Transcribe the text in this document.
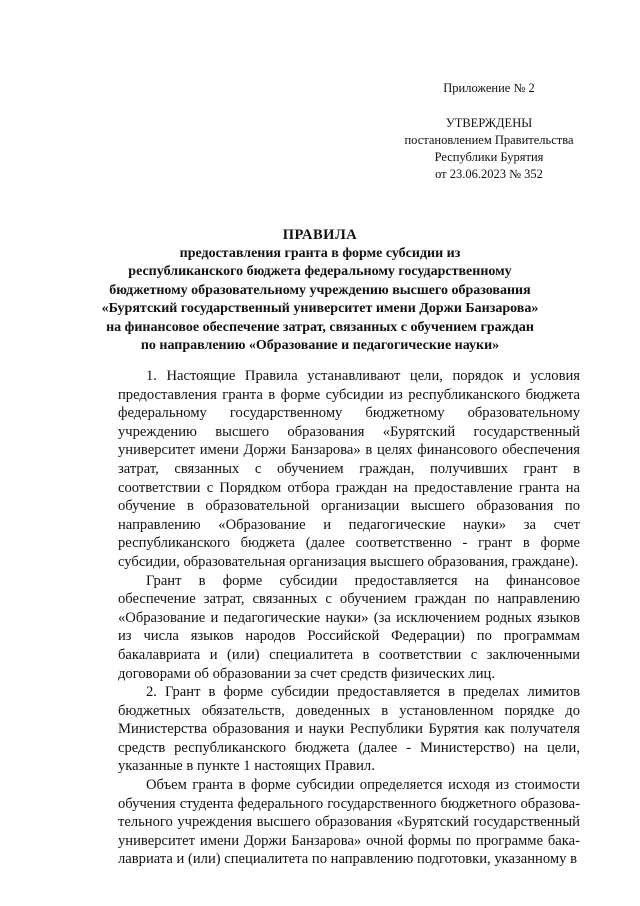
Приложение № 2
УТВЕРЖДЕНЫ
постановлением Правительства
Республики Бурятия
от 23.06.2023 № 352
ПРАВИЛА
предоставления гранта в форме субсидии из
республиканского бюджета федеральному государственному
бюджетному образовательному учреждению высшего образования
«Бурятский государственный университет имени Доржи Банзарова»
на финансовое обеспечение затрат, связанных с обучением граждан
по направлению «Образование и педагогические науки»

1. Настоящие Правила устанавливают цели, порядок и условия предоставления гранта в форме субсидии из республиканского бюджета федеральному государственному бюджетному образовательному учреждению высшего образования «Бурятский государственный университет имени Доржи Банзарова» в целях финансового обеспечения затрат, связанных с обучением граждан, получивших грант в соответствии с Порядком отбора граждан на предоставление гранта на обучение в образовательной организации высшего образования по направлению «Образование и педагогические науки» за счет республиканского бюджета (далее соответственно - грант в форме субсидии, образовательная организация высшего образования, граждане).

Грант в форме субсидии предоставляется на финансовое обеспечение затрат, связанных с обучением граждан по направлению «Образование и педагогические науки» (за исключением родных языков из числа языков народов Российской Федерации) по программам бакалавриата и (или) специалитета в соответствии с заключенными договорами об образовании за счет средств физических лиц.

2. Грант в форме субсидии предоставляется в пределах лимитов бюджетных обязательств, доведенных в установленном порядке до Министерства образования и науки Республики Бурятия как получателя средств республиканского бюджета (далее - Министерство) на цели, указанные в пункте 1 настоящих Правил.

Объем гранта в форме субсидии определяется исходя из стоимости обучения студента федерального государственного бюджетного образовательного учреждения высшего образования «Бурятский государственный университет имени Доржи Банзарова» очной формы по программе бакалавриата и (или) специалитета по направлению подготовки, указанному в
